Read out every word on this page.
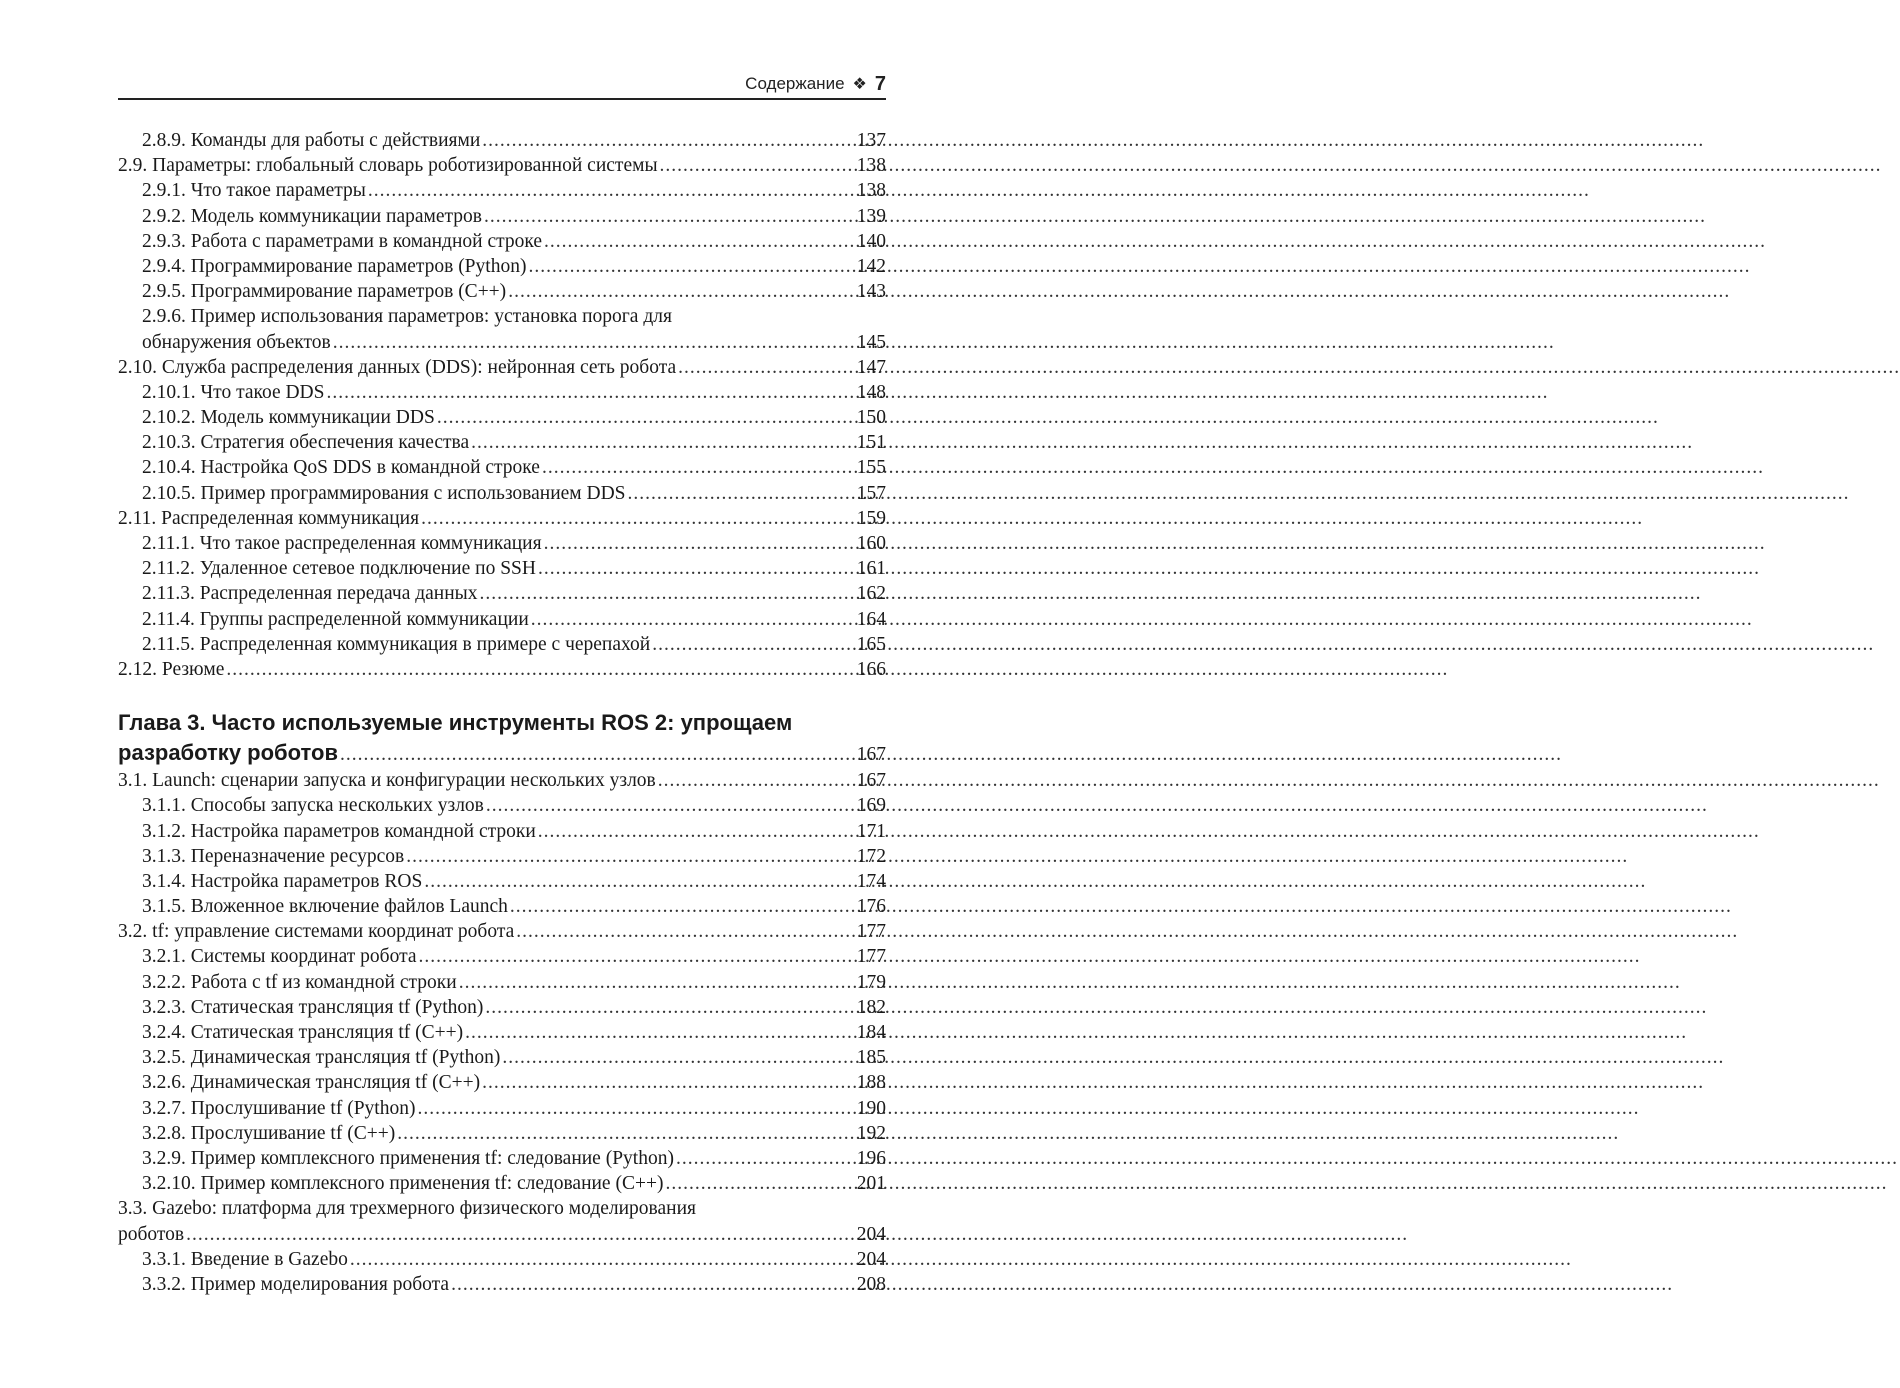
Содержание ❖ 7
2.8.9. Команды для работы с действиями .....	137
2.9. Параметры: глобальный словарь роботизированной системы .....	138
2.9.1. Что такое параметры .....	138
2.9.2. Модель коммуникации параметров .....	139
2.9.3. Работа с параметрами в командной строке .....	140
2.9.4. Программирование параметров (Python) .....	142
2.9.5. Программирование параметров (C++) .....	143
2.9.6. Пример использования параметров: установка порога для
обнаружения объектов .....	145
2.10. Служба распределения данных (DDS): нейронная сеть робота .....	147
2.10.1. Что такое DDS .....	148
2.10.2. Модель коммуникации DDS .....	150
2.10.3. Стратегия обеспечения качества .....	151
2.10.4. Настройка QoS DDS в командной строке .....	155
2.10.5. Пример программирования с использованием DDS .....	157
2.11. Распределенная коммуникация .....	159
2.11.1. Что такое распределенная коммуникация .....	160
2.11.2. Удаленное сетевое подключение по SSH .....	161
2.11.3. Распределенная передача данных .....	162
2.11.4. Группы распределенной коммуникации .....	164
2.11.5. Распределенная коммуникация в примере с черепахой .....	165
2.12. Резюме .....	166
Глава 3. Часто используемые инструменты ROS 2: упрощаем
разработку роботов .....	167
3.1. Launch: сценарии запуска и конфигурации нескольких узлов .....	167
3.1.1. Способы запуска нескольких узлов .....	169
3.1.2. Настройка параметров командной строки .....	171
3.1.3. Переназначение ресурсов .....	172
3.1.4. Настройка параметров ROS .....	174
3.1.5. Вложенное включение файлов Launch .....	176
3.2. tf: управление системами координат робота .....	177
3.2.1. Системы координат робота .....	177
3.2.2. Работа с tf из командной строки .....	179
3.2.3. Статическая трансляция tf (Python) .....	182
3.2.4. Статическая трансляция tf (C++) .....	184
3.2.5. Динамическая трансляция tf (Python) .....	185
3.2.6. Динамическая трансляция tf (C++) .....	188
3.2.7. Прослушивание tf (Python) .....	190
3.2.8. Прослушивание tf (C++) .....	192
3.2.9. Пример комплексного применения tf: следование (Python) .....	196
3.2.10. Пример комплексного применения tf: следование (C++) .....	201
3.3. Gazebo: платформа для трехмерного физического моделирования
роботов .....	204
3.3.1. Введение в Gazebo .....	204
3.3.2. Пример моделирования робота .....	208
